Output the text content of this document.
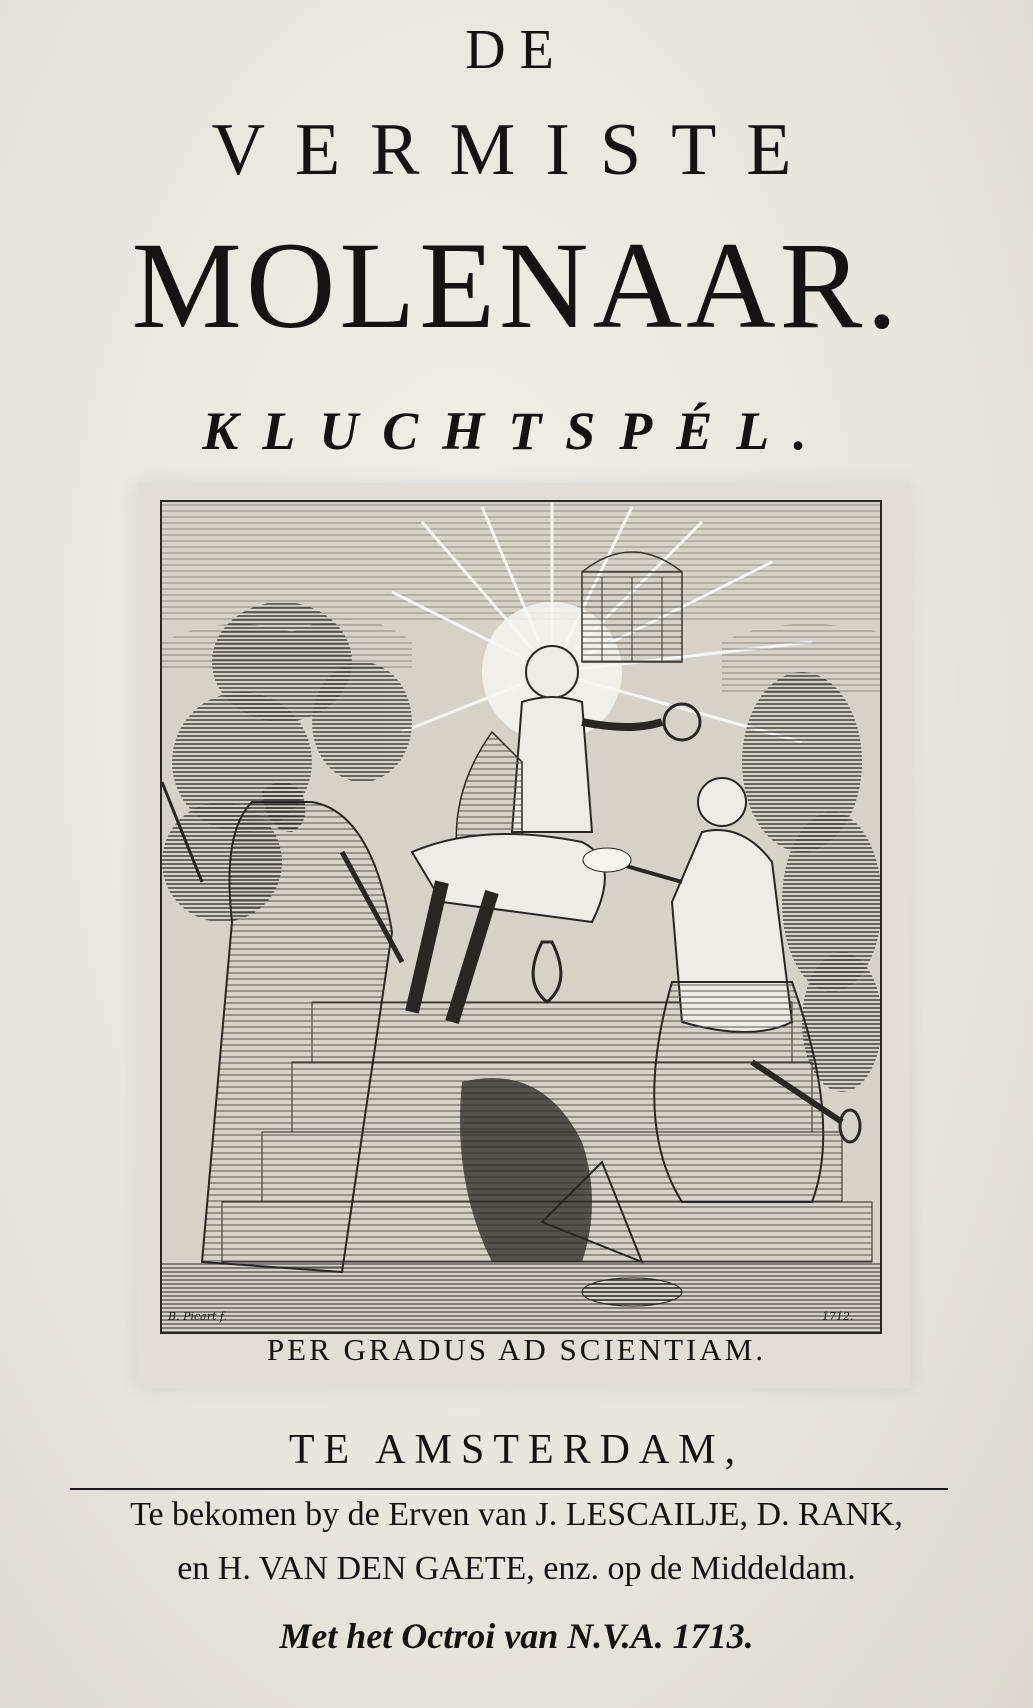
DE
VERMISTE
MOLENAAR.
KLUCHTSPÉL.
B. Picart f.	1712.
PER GRADUS AD SCIENTIAM.
TE AMSTERDAM,
Te bekomen by de Erven van J. LESCAILJE, D. RANK,
en H. VAN DEN GAETE, enz. op de Middeldam.
Met het Octroi van N.V.A. 1713.
